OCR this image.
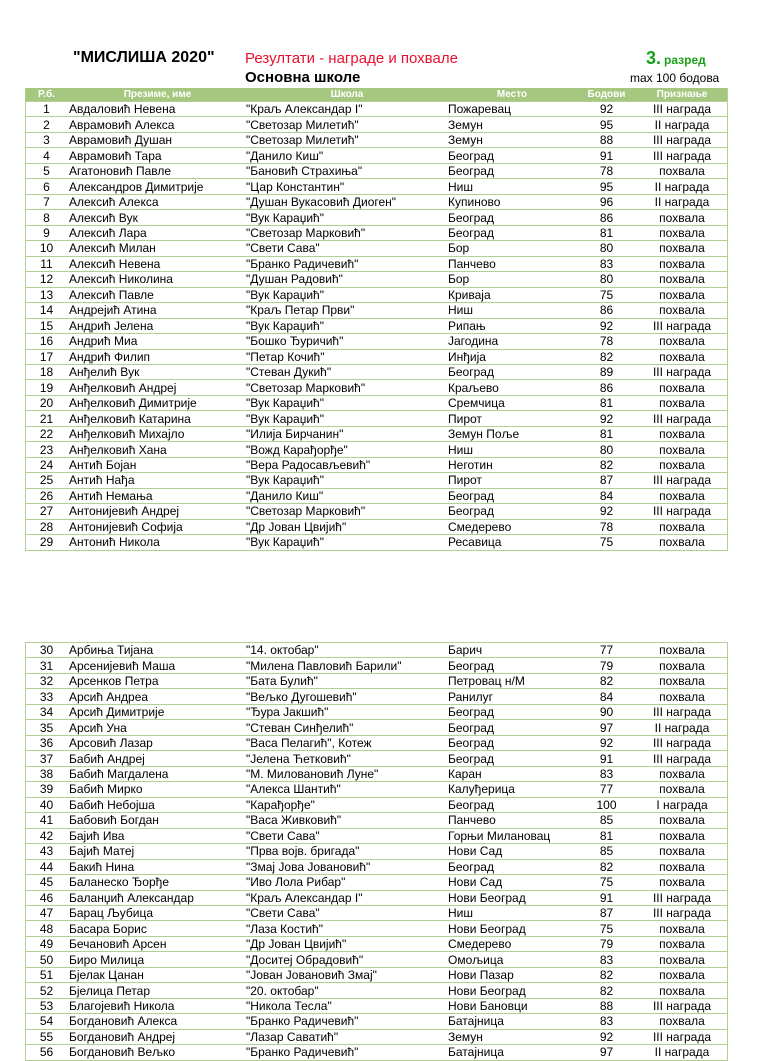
"МИСЛИША 2020" Резултати - награде и похвале
Основна школе
3. разред
max 100 бодова
Р.б.	Презиме, име	Школа	Место	Бодови	Признање
1	Авдаловић Невена	"Краљ Александар I"	Пожаревац	92	III награда
2	Аврамовић Алекса	"Светозар Милетић"	Земун	95	II награда
3	Аврамовић Душан	"Светозар Милетић"	Земун	88	III награда
4	Аврамовић Тара	"Данило Киш"	Београд	91	III награда
5	Агатоновић Павле	"Бановић Страхиња"	Београд	78	похвала
6	Александров Димитрије	"Цар Константин"	Ниш	95	II награда
7	Алексић Алекса	"Душан Вукасовић Диоген"	Купиново	96	II награда
8	Алексић Вук	"Вук Караџић"	Београд	86	похвала
9	Алексић Лара	"Светозар Марковић"	Београд	81	похвала
10	Алексић Милан	"Свети Сава"	Бор	80	похвала
11	Алексић Невена	"Бранко Радичевић"	Панчево	83	похвала
12	Алексић Николина	"Душан Радовић"	Бор	80	похвала
13	Алексић Павле	"Вук Караџић"	Криваја	75	похвала
14	Андрејић Атина	"Краљ Петар Први"	Ниш	86	похвала
15	Андрић Јелена	"Вук Караџић"	Рипањ	92	III награда
16	Андрић Миа	"Бошко Ђуричић"	Јагодина	78	похвала
17	Андрић Филип	"Петар Кочић"	Инђија	82	похвала
18	Анђелић Вук	"Стеван Дукић"	Београд	89	III награда
19	Анђелковић Андреј	"Светозар Марковић"	Краљево	86	похвала
20	Анђелковић Димитрије	"Вук Караџић"	Сремчица	81	похвала
21	Анђелковић Катарина	"Вук Караџић"	Пирот	92	III награда
22	Анђелковић Михајло	"Илија Бирчанин"	Земун Поље	81	похвала
23	Анђелковић Хана	"Вожд Карађорђе"	Ниш	80	похвала
24	Антић Бојан	"Вера Радосављевић"	Неготин	82	похвала
25	Антић Нађа	"Вук Караџић"	Пирот	87	III награда
26	Антић Немања	"Данило Киш"	Београд	84	похвала
27	Антонијевић Андреј	"Светозар Марковић"	Београд	92	III награда
28	Антонијевић Софија	"Др Јован Цвијић"	Смедерево	78	похвала
29	Антонић Никола	"Вук Караџић"	Ресавица	75	похвала
30	Арбиња Тијана	"14. октобар"	Барич	77	похвала
31	Арсенијевић Маша	"Милена Павловић Барили"	Београд	79	похвала
32	Арсенков Петра	"Бата Булић"	Петровац н/М	82	похвала
33	Арсић Андреа	"Вељко Дугошевић"	Ранилуг	84	похвала
34	Арсић Димитрије	"Ђура Јакшић"	Београд	90	III награда
35	Арсић Уна	"Стеван Синђелић"	Београд	97	II награда
36	Арсовић Лазар	"Васа Пелагић", Котеж	Београд	92	III награда
37	Бабић Андреј	"Јелена Ћетковић"	Београд	91	III награда
38	Бабић Магдалена	"М. Миловановић Луне"	Каран	83	похвала
39	Бабић Мирко	"Алекса Шантић"	Калуђерица	77	похвала
40	Бабић Небојша	"Карађорђе"	Београд	100	I награда
41	Бабовић Богдан	"Васа Живковић"	Панчево	85	похвала
42	Бајић Ива	"Свети Сава"	Горњи Милановац	81	похвала
43	Бајић Матеј	"Прва војв. бригада"	Нови Сад	85	похвала
44	Бакић Нина	"Змај Јова Јовановић"	Београд	82	похвала
45	Баланеско Ђорђе	"Иво Лола Рибар"	Нови Сад	75	похвала
46	Баланџић Александар	"Краљ Александар I"	Нови Београд	91	III награда
47	Барац Љубица	"Свети Сава"	Ниш	87	III награда
48	Басара Борис	"Лаза Костић"	Нови Београд	75	похвала
49	Бечановић Арсен	"Др Јован Цвијић"	Смедерево	79	похвала
50	Биро Милица	"Доситеј Обрадовић"	Омољица	83	похвала
51	Бјелак Цанан	"Јован Јовановић Змај"	Нови Пазар	82	похвала
52	Бјелица Петар	"20. октобар"	Нови Београд	82	похвала
53	Благојевић Никола	"Никола Тесла"	Нови Бановци	88	III награда
54	Богдановић Алекса	"Бранко Радичевић"	Батајница	83	похвала
55	Богдановић Андреј	"Лазар Саватић"	Земун	92	III награда
56	Богдановић Вељко	"Бранко Радичевић"	Батајница	97	II награда
